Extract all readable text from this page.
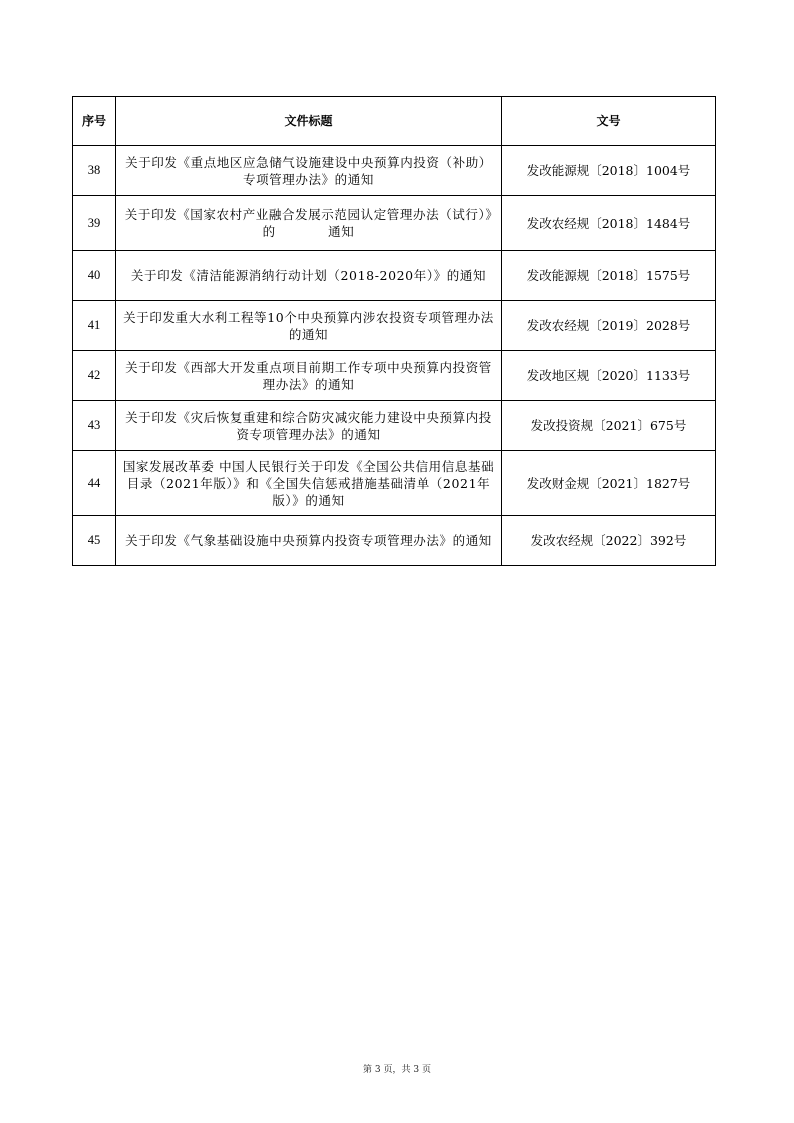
序号	文件标题	文号
38	关于印发《重点地区应急储气设施建设中央预算内投资（补助）专项管理办法》的通知	发改能源规〔2018〕1004号
39	关于印发《国家农村产业融合发展示范园认定管理办法（试行）》的　　　　通知	发改农经规〔2018〕1484号
40	关于印发《清洁能源消纳行动计划（2018-2020年）》的通知	发改能源规〔2018〕1575号
41	关于印发重大水利工程等10个中央预算内涉农投资专项管理办法的通知	发改农经规〔2019〕2028号
42	关于印发《西部大开发重点项目前期工作专项中央预算内投资管理办法》的通知	发改地区规〔2020〕1133号
43	关于印发《灾后恢复重建和综合防灾减灾能力建设中央预算内投资专项管理办法》的通知	发改投资规〔2021〕675号
44	国家发展改革委 中国人民银行关于印发《全国公共信用信息基础目录（2021年版）》和《全国失信惩戒措施基础清单（2021年版）》的通知	发改财金规〔2021〕1827号
45	关于印发《气象基础设施中央预算内投资专项管理办法》的通知	发改农经规〔2022〕392号
第 3 页，共 3 页
